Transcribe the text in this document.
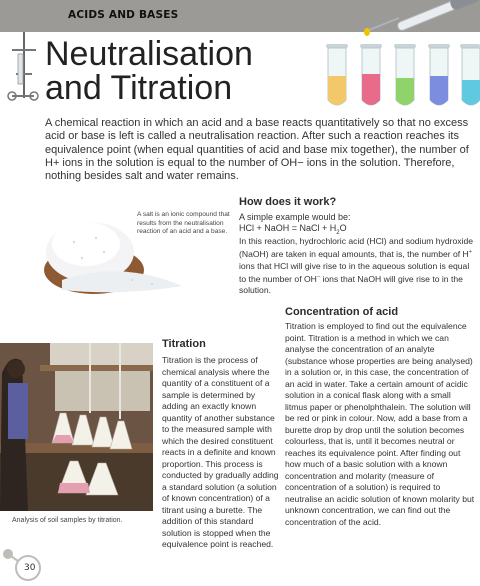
ACIDS AND BASES
Neutralisation
and Titration

A chemical reaction in which an acid and a base reacts quantitatively so that no excess acid or base is left is called a neutralisation reaction. After such a reaction reaches its equivalence point (when equal quantities of acid and base mix together), the number of H+ ions in the solution is equal to the number of OH− ions in the solution. Therefore, nothing besides salt and water remains.

A salt is an ionic compound that results from the neutralisation reaction of an acid and a base.

How does it work?

A simple example would be:

HCl + NaOH = NaCl + $H_2O$

In this reaction, hydrochloric acid (HCl) and sodium hydroxide (NaOH) are taken in equal amounts, that is, the number of H+ ions that HCl will give rise to in the aqueous solution is equal to the number of OH− ions that NaOH will give rise to in the solution.

Concentration of acid

Titration is employed to find out the equivalence point. Titration is a method in which we can analyse the concentration of an analyte (substance whose properties are being analysed) in a solution or, in this case, the concentration of an acid in water. Take a certain amount of acidic solution in a conical flask along with a small litmus paper or phenolphthalein. The solution will be red or pink in colour. Now, add a base from a burette drop by drop until the solution becomes colourless, that is, until it becomes neutral or reaches its equivalence point. After finding out how much of a basic solution with a known concentration and molarity (measure of concentration of a solution) is required to neutralise an acidic solution of known molarity but unknown concentration, we can find out the concentration of the acid.

Analysis of soil samples by titration.
Titration

Titration is the process of chemical analysis where the quantity of a constituent of a sample is determined by adding an exactly known quantity of another substance to the measured sample with which the desired constituent reacts in a definite and known proportion. This process is conducted by gradually adding a standard solution (a solution of known concentration) of a titrant using a burette. The addition of this standard solution is stopped when the equivalence point is reached.

30
